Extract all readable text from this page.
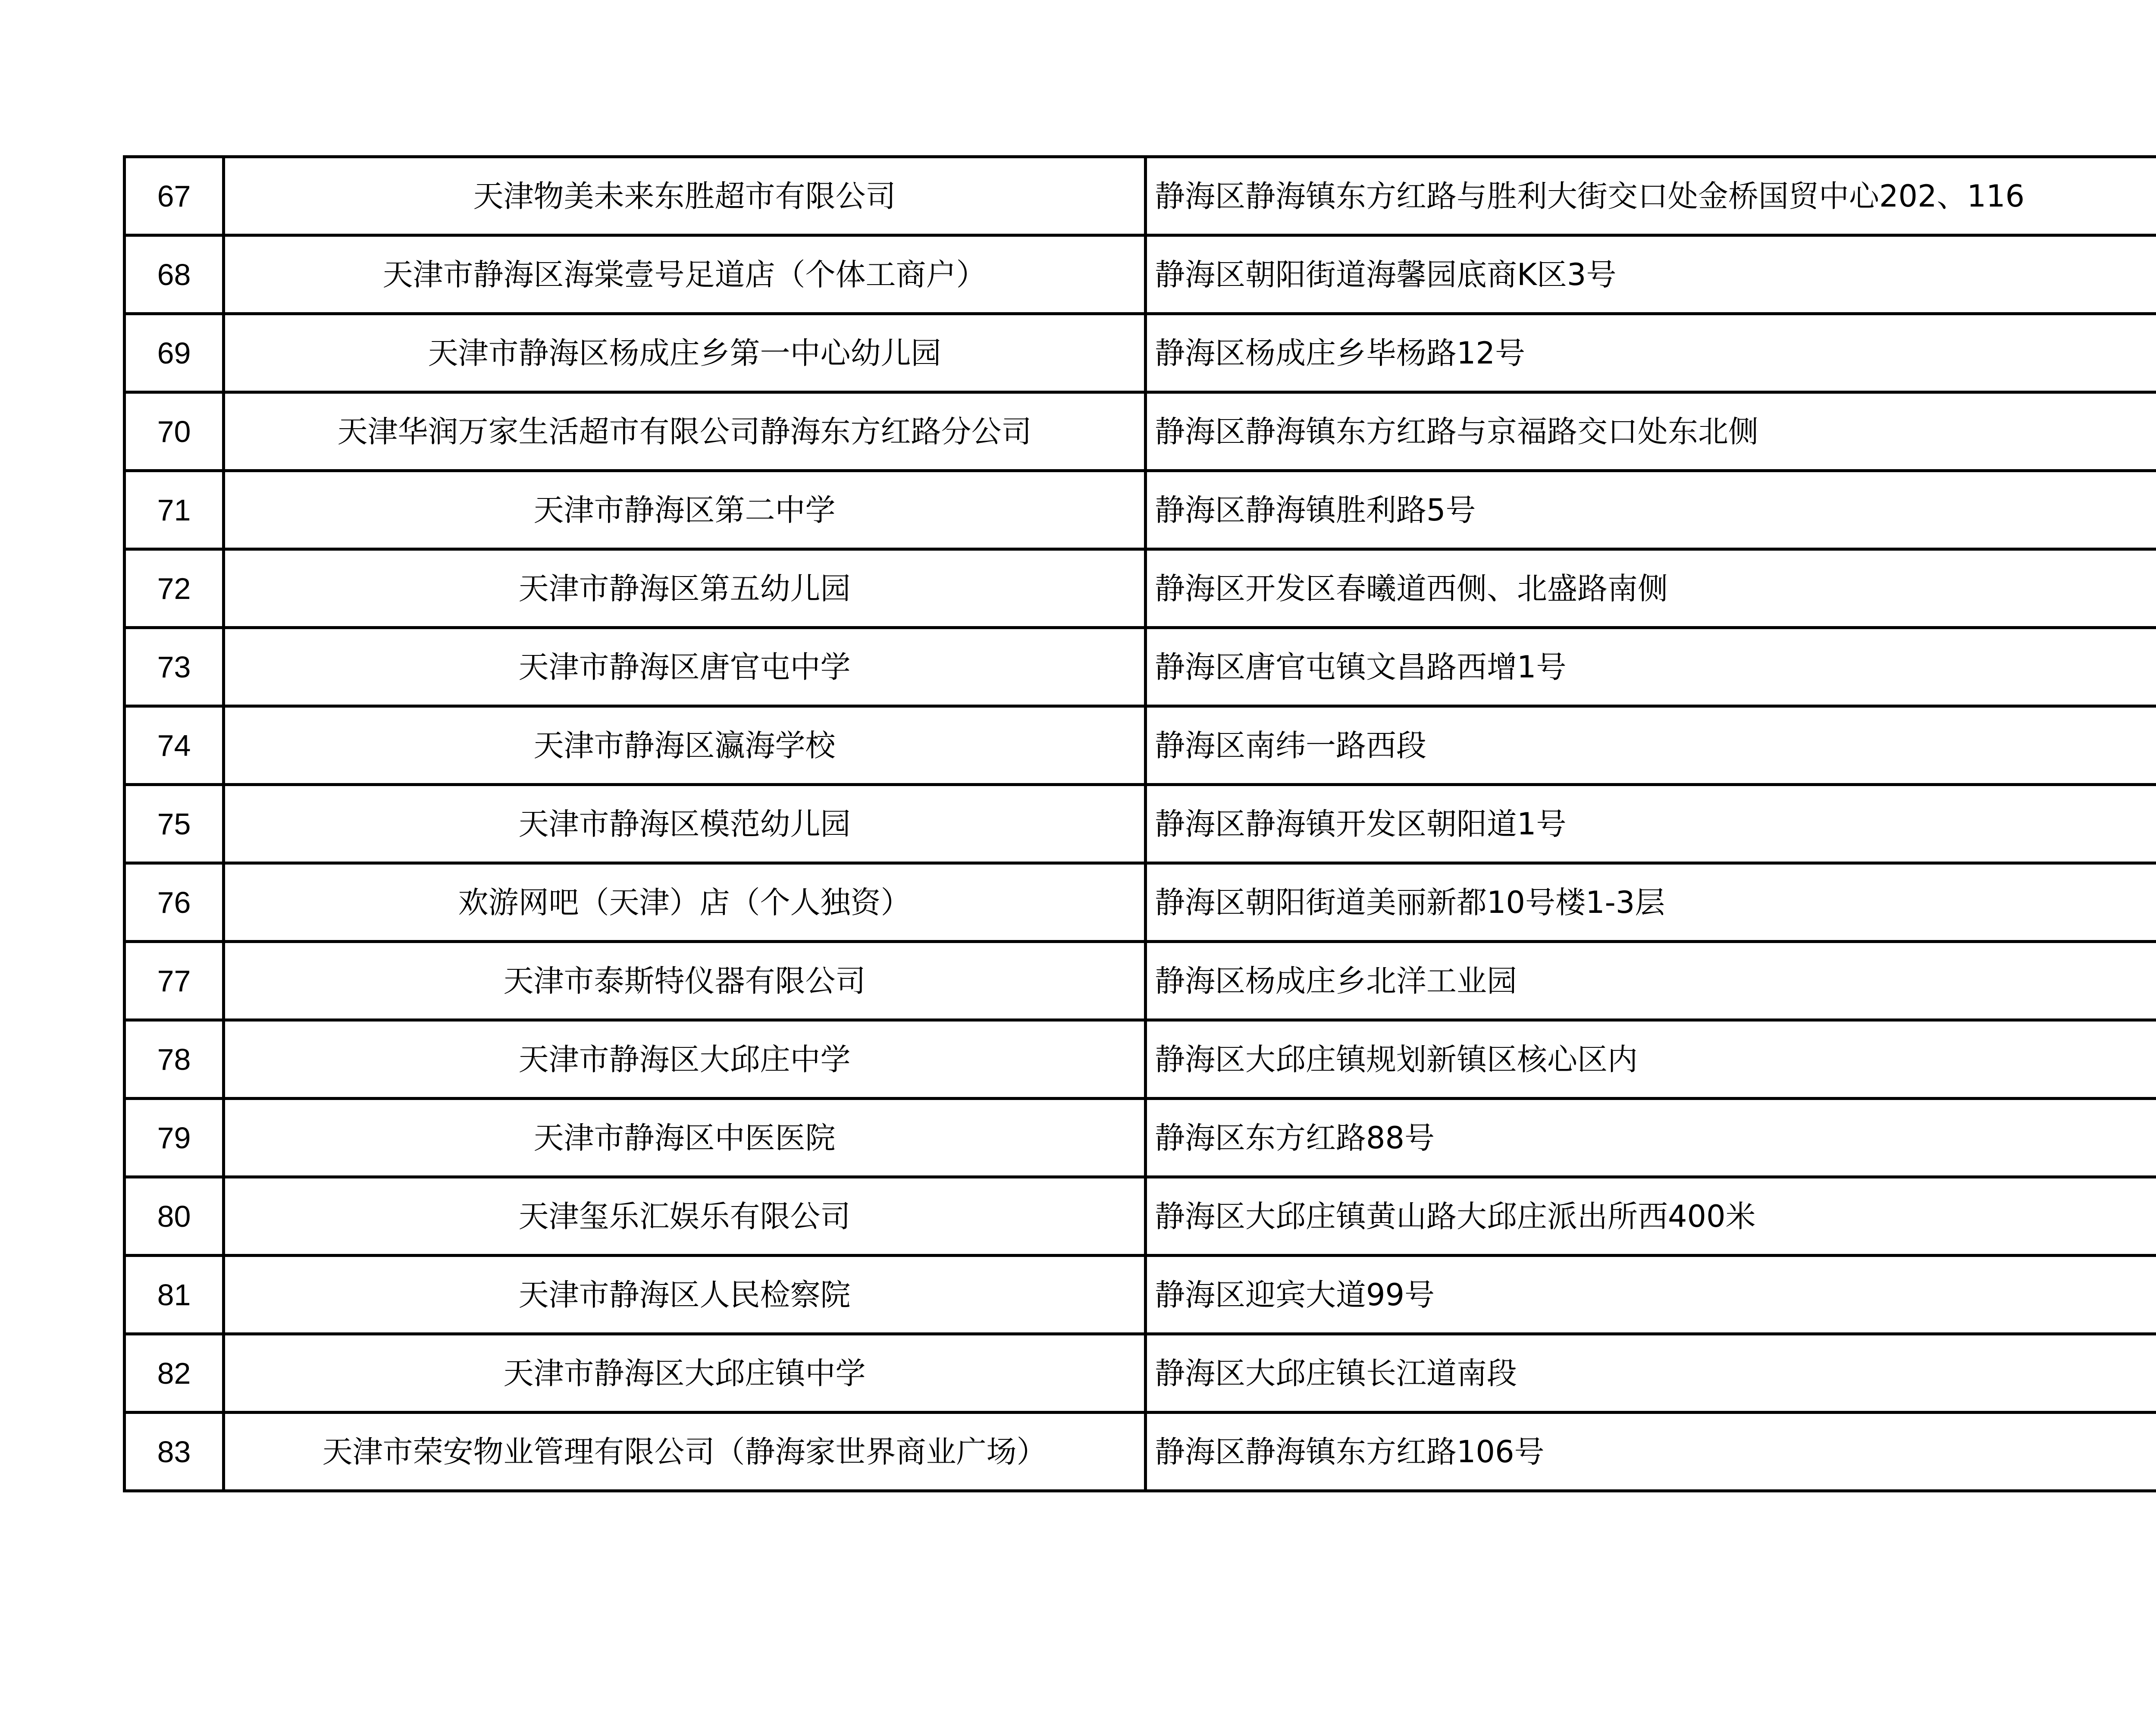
67	天津物美未来东胜超市有限公司	静海区静海镇东方红路与胜利大街交口处金桥国贸中心202、116	
68	天津市静海区海棠壹号足道店（个体工商户）	静海区朝阳街道海馨园底商K区3号	
69	天津市静海区杨成庄乡第一中心幼儿园	静海区杨成庄乡毕杨路12号	
70	天津华润万家生活超市有限公司静海东方红路分公司	静海区静海镇东方红路与京福路交口处东北侧	
71	天津市静海区第二中学	静海区静海镇胜利路5号	
72	天津市静海区第五幼儿园	静海区开发区春曦道西侧、北盛路南侧	
73	天津市静海区唐官屯中学	静海区唐官屯镇文昌路西增1号	
74	天津市静海区瀛海学校	静海区南纬一路西段	
75	天津市静海区模范幼儿园	静海区静海镇开发区朝阳道1号	
76	欢游网吧（天津）店（个人独资）	静海区朝阳街道美丽新都10号楼1-3层	
77	天津市泰斯特仪器有限公司	静海区杨成庄乡北洋工业园	
78	天津市静海区大邱庄中学	静海区大邱庄镇规划新镇区核心区内	
79	天津市静海区中医医院	静海区东方红路88号	
80	天津玺乐汇娱乐有限公司	静海区大邱庄镇黄山路大邱庄派出所西400米	
81	天津市静海区人民检察院	静海区迎宾大道99号	
82	天津市静海区大邱庄镇中学	静海区大邱庄镇长江道南段	
83	天津市荣安物业管理有限公司（静海家世界商业广场）	静海区静海镇东方红路106号	
